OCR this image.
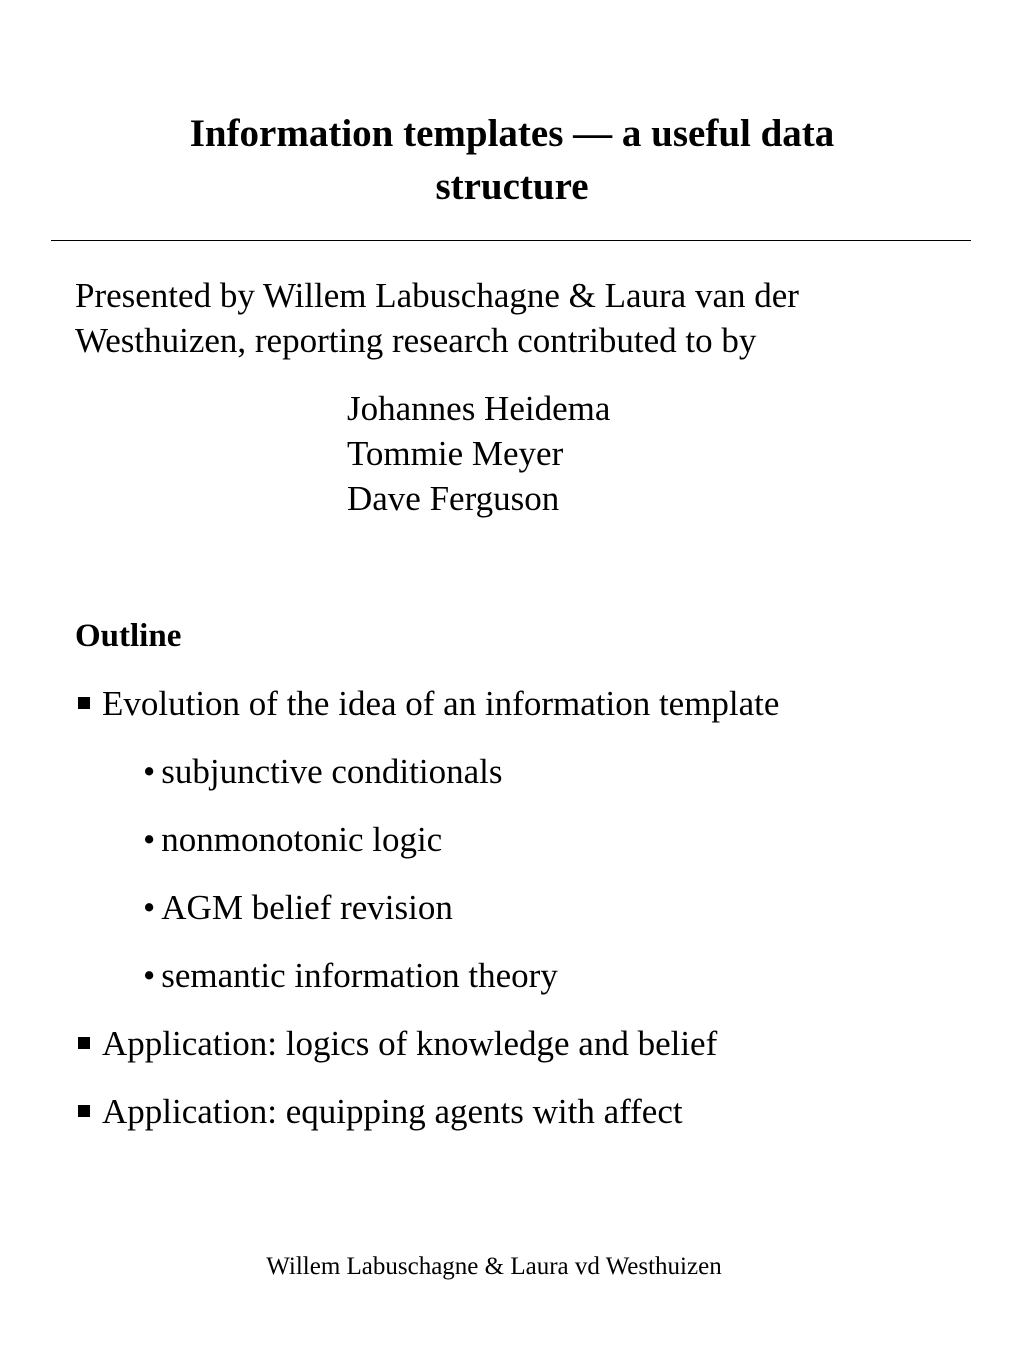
Information templates — a useful data
structure
Presented by Willem Labuschagne & Laura van der
Westhuizen, reporting research contributed to by
Johannes Heidema
Tommie Meyer
Dave Ferguson
Outline
Evolution of the idea of an information template
• subjunctive conditionals
• nonmonotonic logic
• AGM belief revision
• semantic information theory
Application: logics of knowledge and belief
Application: equipping agents with affect
Willem Labuschagne & Laura vd Westhuizen
